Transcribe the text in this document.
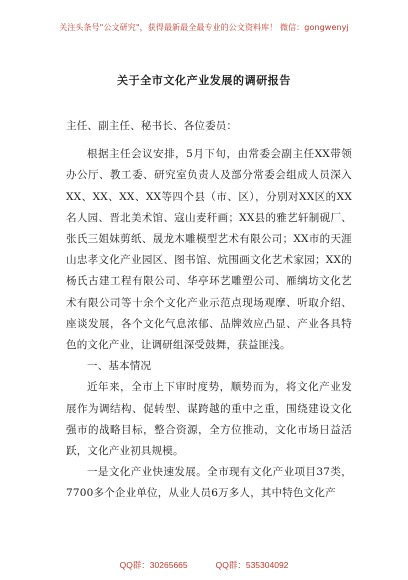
关注头条号"公文研究"，获得最新最全最专业的公文资料库！ 微信：gongwenyj
关于全市文化产业发展的调研报告

主任、副主任、秘书长、各位委员：

根据主任会议安排，5月下旬，由常委会副主任XX带领办公厅、教工委、研究室负责人及部分常委会组成人员深入XX、XX、XX、XX等四个县（市、区），分别对XX区的XX名人园、晋北美术馆、寇山麦秆画；XX县的雅艺轩制砚厂、张氏三姐妹剪纸、晟龙木雕模型艺术有限公司；XX市的天涯山忠孝文化产业园区、图书馆、炕围画文化艺术家园；XX的杨氏古建工程有限公司、华亭环艺雕塑公司、雁缡坊文化艺术有限公司等十余个文化产业示范点现场观摩、听取介绍、座谈发展，各个文化气息浓郁、品牌效应凸显、产业各具特色的文化产业，让调研组深受鼓舞，获益匪浅。

一、基本情况

近年来，全市上下审时度势，顺势而为，将文化产业发展作为调结构、促转型、谋跨越的重中之重，围绕建设文化强市的战略目标，整合资源，全方位推动，文化市场日益活跃，文化产业初具规模。

一是文化产业快速发展。全市现有文化产业项目37类，7700多个企业单位，从业人员6万多人，其中特色文化产

QQ群：30265665	QQ群：535304092
